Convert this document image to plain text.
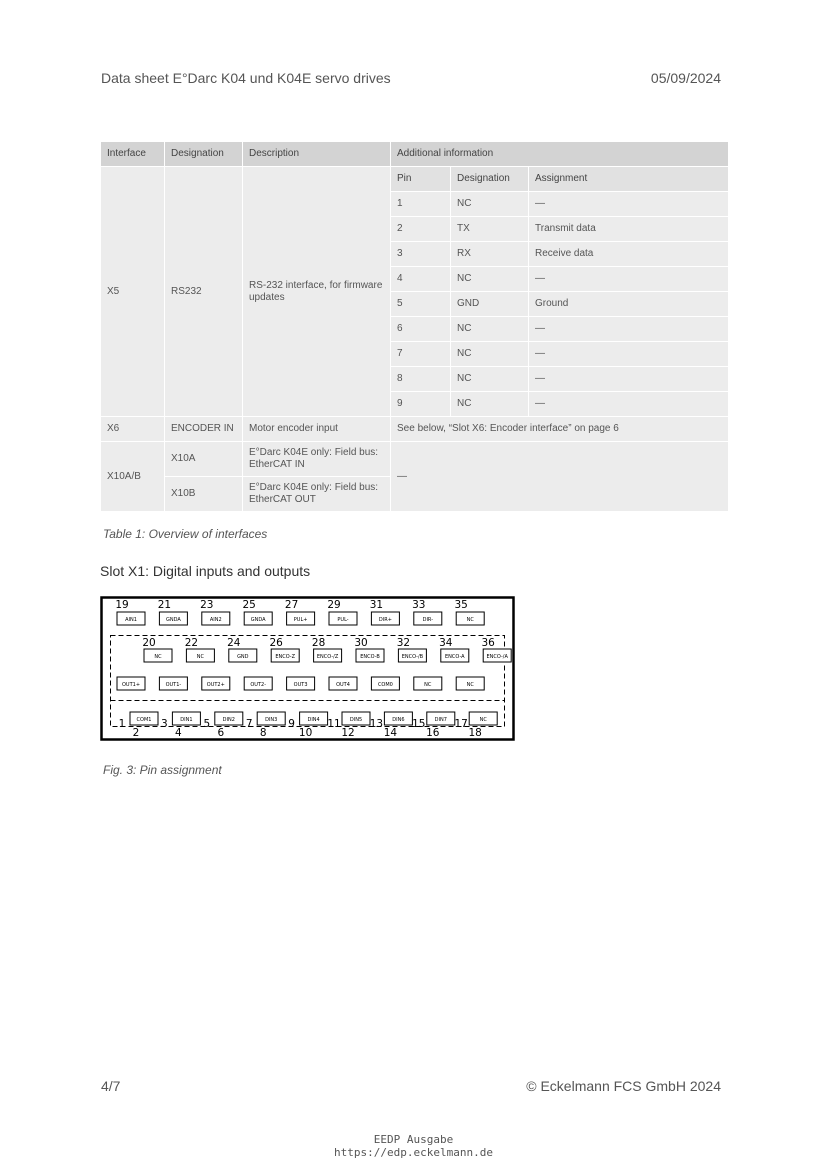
Data sheet E°Darc K04 und K04E servo drives	05/09/2024
Interface	Designation	Description	Additional information		
X5	RS232	RS-232 interface, for firmware updates	Pin	Designation	Assignment
			1	NC	—
			2	TX	Transmit data
			3	RX	Receive data
			4	NC	—
			5	GND	Ground
			6	NC	—
			7	NC	—
			8	NC	—
			9	NC	—
X6	ENCODER IN	Motor encoder input	See below, “Slot X6: Encoder interface” on page 6		
X10A/B	X10A	E°Darc K04E only: Field bus: EtherCAT IN	—		
	X10B	E°Darc K04E only: Field bus: EtherCAT OUT			
Table 1: Overview of interfaces
Slot X1: Digital inputs and outputs
AIN1
19
GNDA
21
AIN2
23
GNDA
25
PUL+
27
PUL-
29
DIR+
31
DIR-
33
NC
35
NC
20
NC
22
GND
24
ENCO-Z
26
ENCO-/Z
28
ENCO-B
30
ENCO-/B
32
ENCO-A
34
ENCO-/A
36
OUT1+
1
OUT1-
3
OUT2+
5
OUT2-
7
OUT3
9
OUT4
11
COM0
13
NC
15
NC
17
COM1
2
DIN1
4
DIN2
6
DIN3
8
DIN4
10
DIN5
12
DIN6
14
DIN7
16
NC
18
Fig. 3: Pin assignment
4/7	© Eckelmann FCS GmbH 2024
EEDP Ausgabe
https://edp.eckelmann.de
